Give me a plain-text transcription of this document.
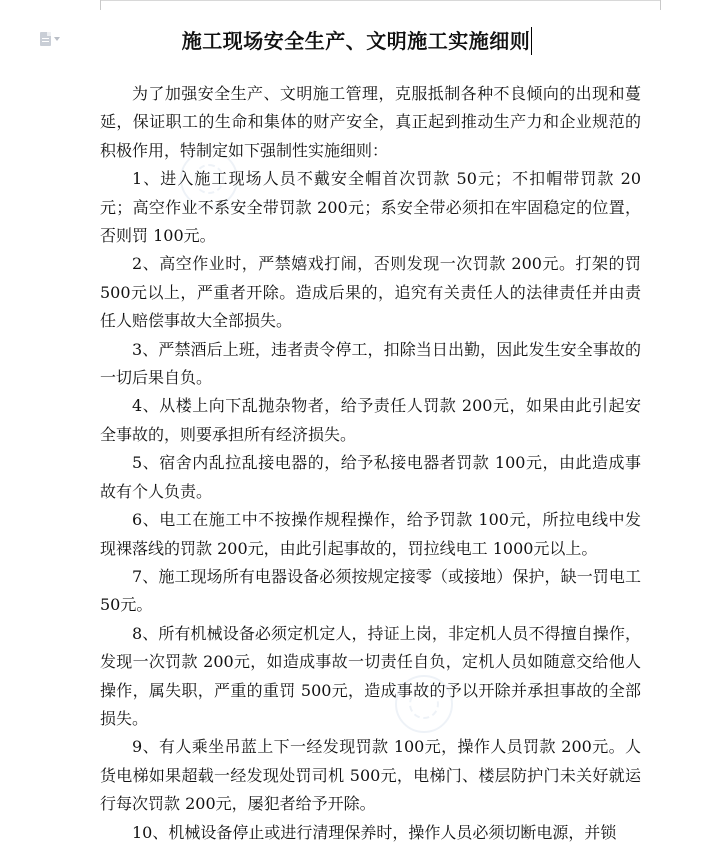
施工现场安全生产、文明施工实施细则

为了加强安全生产、文明施工管理，克服抵制各种不良倾向的出现和蔓延，保证职工的生命和集体的财产安全，真正起到推动生产力和企业规范的积极作用，特制定如下强制性实施细则：

1、进入施工现场人员不戴安全帽首次罚款 50元；不扣帽带罚款 20元；高空作业不系安全带罚款 200元；系安全带必须扣在牢固稳定的位置，否则罚 100元。

2、高空作业时，严禁嬉戏打闹，否则发现一次罚款 200元。打架的罚 500元以上，严重者开除。造成后果的，追究有关责任人的法律责任并由责任人赔偿事故大全部损失。

3、严禁酒后上班，违者责令停工，扣除当日出勤，因此发生安全事故的一切后果自负。

4、从楼上向下乱抛杂物者，给予责任人罚款 200元，如果由此引起安全事故的，则要承担所有经济损失。

5、宿舍内乱拉乱接电器的，给予私接电器者罚款 100元，由此造成事故有个人负责。

6、电工在施工中不按操作规程操作，给予罚款 100元，所拉电线中发现裸落线的罚款 200元，由此引起事故的，罚拉线电工 1000元以上。

7、施工现场所有电器设备必须按规定接零（或接地）保护，缺一罚电工 50元。

8、所有机械设备必须定机定人，持证上岗，非定机人员不得擅自操作，发现一次罚款 200元，如造成事故一切责任自负，定机人员如随意交给他人操作，属失职，严重的重罚 500元，造成事故的予以开除并承担事故的全部损失。

9、有人乘坐吊蓝上下一经发现罚款 100元，操作人员罚款 200元。人货电梯如果超载一经发现处罚司机 500元，电梯门、楼层防护门未关好就运行每次罚款 200元，屡犯者给予开除。

10、机械设备停止或进行清理保养时，操作人员必须切断电源，并锁
